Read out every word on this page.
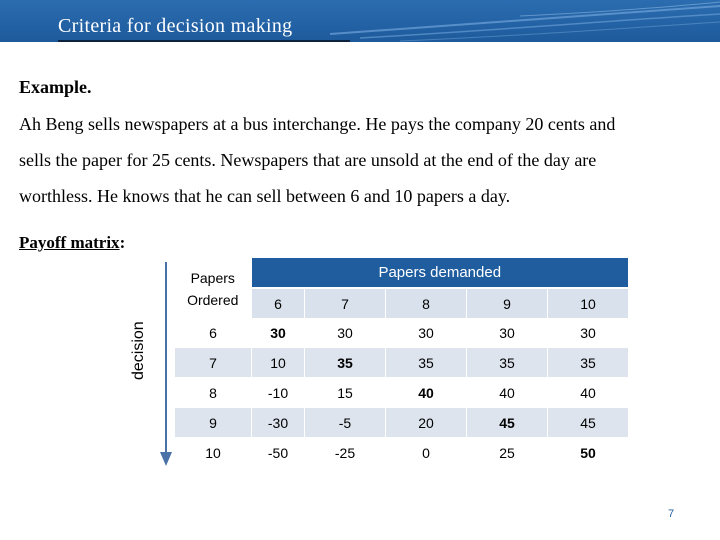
Criteria for decision making
Example.
Ah Beng sells newspapers at a bus interchange. He pays the company 20 cents and
sells the paper for 25 cents. Newspapers that are unsold at the end of the day are
worthless. He knows that he can sell between 6 and 10 papers a day.
Payoff matrix:
decision
Papers Ordered	Papers demanded				
	6	7	8	9	10
6	30	30	30	30	30
7	10	35	35	35	35
8	-10	15	40	40	40
9	-30	-5	20	45	45
10	-50	-25	0	25	50
7
